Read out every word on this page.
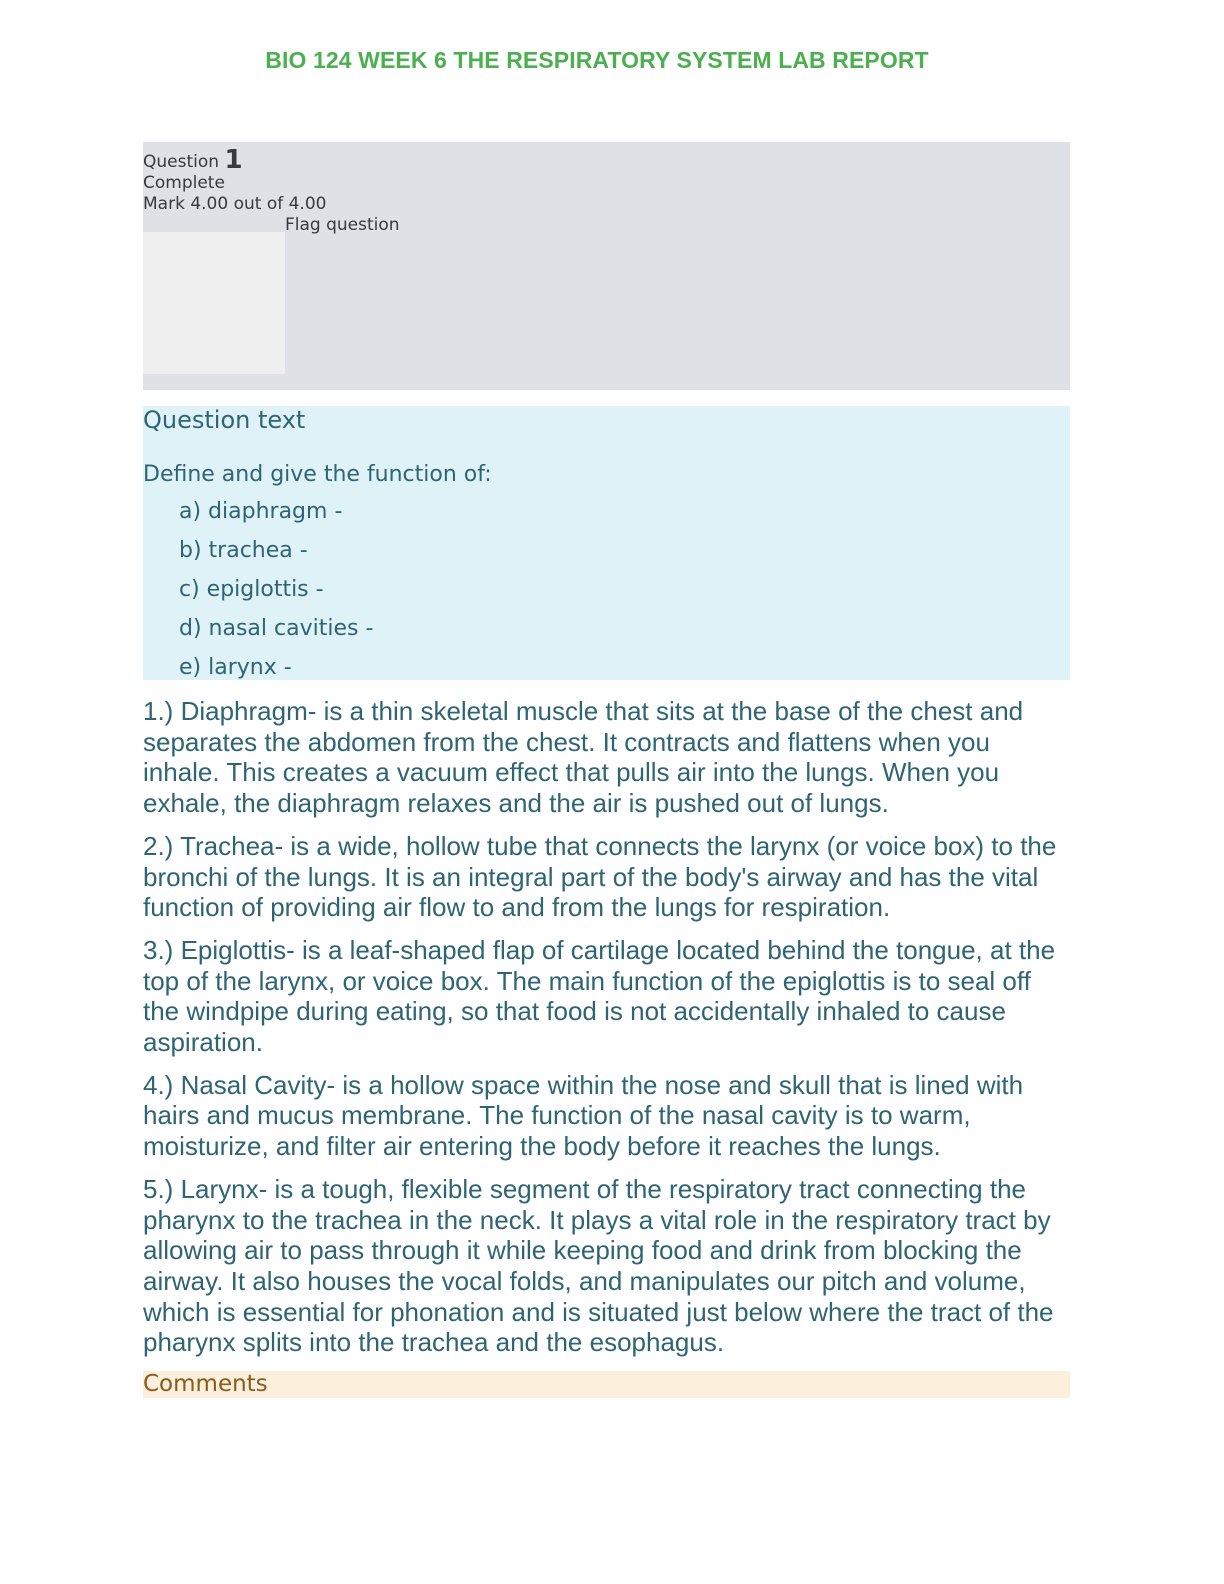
BIO 124 WEEK 6 THE RESPIRATORY SYSTEM LAB REPORT
Question 1
Complete
Mark 4.00 out of 4.00
Flag question
Question text
Define and give the function of:
a) diaphragm -
b) trachea -
c) epiglottis -
d) nasal cavities -
e) larynx -

1.) Diaphragm- is a thin skeletal muscle that sits at the base of the chest and separates the abdomen from the chest. It contracts and flattens when you inhale. This creates a vacuum effect that pulls air into the lungs. When you exhale, the diaphragm relaxes and the air is pushed out of lungs.

2.) Trachea- is a wide, hollow tube that connects the larynx (or voice box) to the bronchi of the lungs. It is an integral part of the body's airway and has the vital function of providing air flow to and from the lungs for respiration.

3.) Epiglottis- is a leaf-shaped flap of cartilage located behind the tongue, at the top of the larynx, or voice box. The main function of the epiglottis is to seal off the windpipe during eating, so that food is not accidentally inhaled to cause aspiration.

4.) Nasal Cavity- is a hollow space within the nose and skull that is lined with hairs and mucus membrane. The function of the nasal cavity is to warm, moisturize, and filter air entering the body before it reaches the lungs.

5.) Larynx- is a tough, flexible segment of the respiratory tract connecting the pharynx to the trachea in the neck. It plays a vital role in the respiratory tract by allowing air to pass through it while keeping food and drink from blocking the airway. It also houses the vocal folds, and manipulates our pitch and volume, which is essential for phonation and is situated just below where the tract of the pharynx splits into the trachea and the esophagus.

Comments
